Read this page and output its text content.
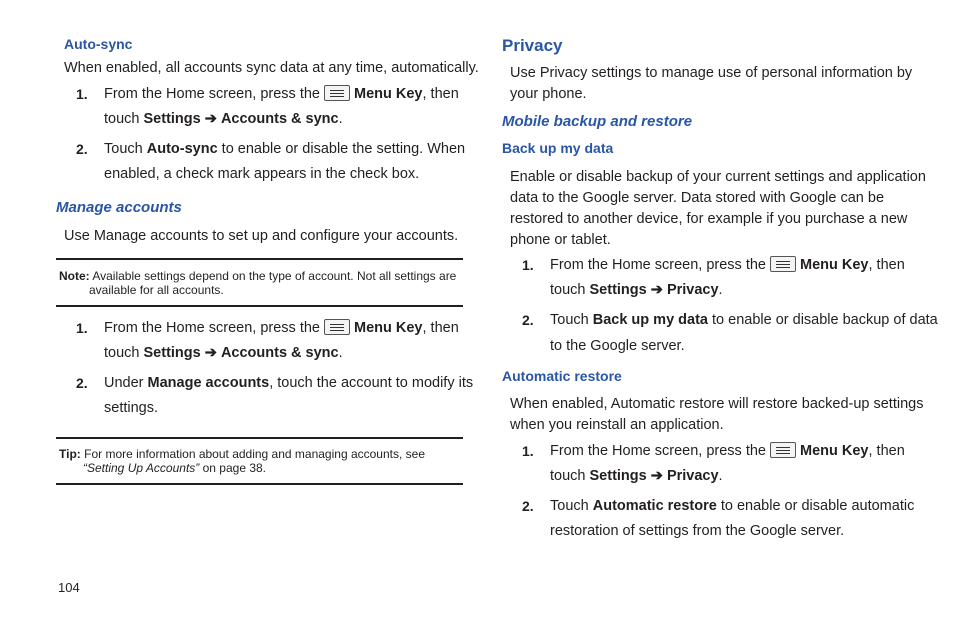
Auto-sync
When enabled, all accounts sync data at any time, automatically.
1. From the Home screen, press the Menu Key, then
touch Settings ➔ Accounts & sync.
2. Touch Auto-sync to enable or disable the setting. When
enabled, a check mark appears in the check box.
Manage accounts
Use Manage accounts to set up and configure your accounts.
Note: Available settings depend on the type of account. Not all settings are
available for all accounts.
1. From the Home screen, press the Menu Key, then
touch Settings ➔ Accounts & sync.
2. Under Manage accounts, touch the account to modify its
settings.
Tip: For more information about adding and managing accounts, see
“Setting Up Accounts” on page 38.
Privacy
Use Privacy settings to manage use of personal information by
your phone.
Mobile backup and restore
Back up my data
Enable or disable backup of your current settings and application
data to the Google server. Data stored with Google can be
restored to another device, for example if you purchase a new
phone or tablet.
1. From the Home screen, press the Menu Key, then
touch Settings ➔ Privacy.
2. Touch Back up my data to enable or disable backup of data
to the Google server.
Automatic restore
When enabled, Automatic restore will restore backed-up settings
when you reinstall an application.
1. From the Home screen, press the Menu Key, then
touch Settings ➔ Privacy.
2. Touch Automatic restore to enable or disable automatic
restoration of settings from the Google server.
104
